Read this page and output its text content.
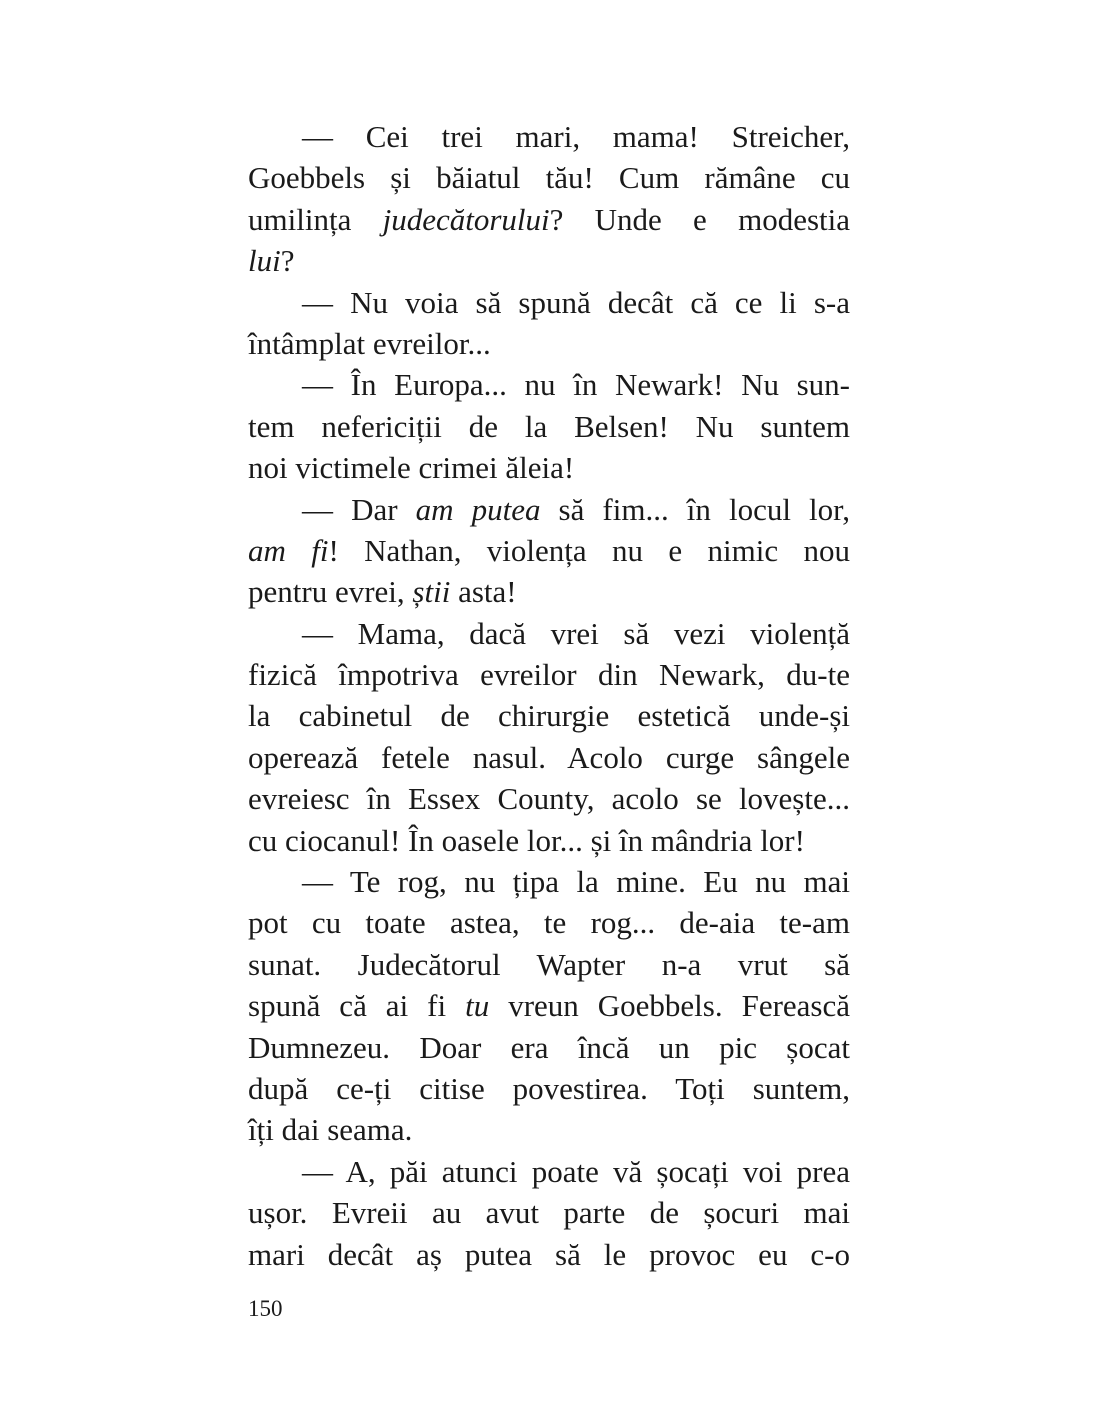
— Cei trei mari, mama! Streicher,
Goebbels și băiatul tău! Cum rămâne cu
umilința judecătorului? Unde e modestia
lui?
— Nu voia să spună decât că ce li s-a
întâmplat evreilor...
— În Europa... nu în Newark! Nu sun-
tem nefericiții de la Belsen! Nu suntem
noi victimele crimei ăleia!
— Dar am putea să fim... în locul lor,
am fi! Nathan, violența nu e nimic nou
pentru evrei, știi asta!
— Mama, dacă vrei să vezi violență
fizică împotriva evreilor din Newark, du-te
la cabinetul de chirurgie estetică unde-și
operează fetele nasul. Acolo curge sângele
evreiesc în Essex County, acolo se lovește...
cu ciocanul! În oasele lor... și în mândria lor!
— Te rog, nu țipa la mine. Eu nu mai
pot cu toate astea, te rog... de-aia te-am
sunat. Judecătorul Wapter n-a vrut să
spună că ai fi tu vreun Goebbels. Ferească
Dumnezeu. Doar era încă un pic șocat
după ce-ți citise povestirea. Toți suntem,
îți dai seama.
— A, păi atunci poate vă șocați voi prea
ușor. Evreii au avut parte de șocuri mai
mari decât aș putea să le provoc eu c-o
150
